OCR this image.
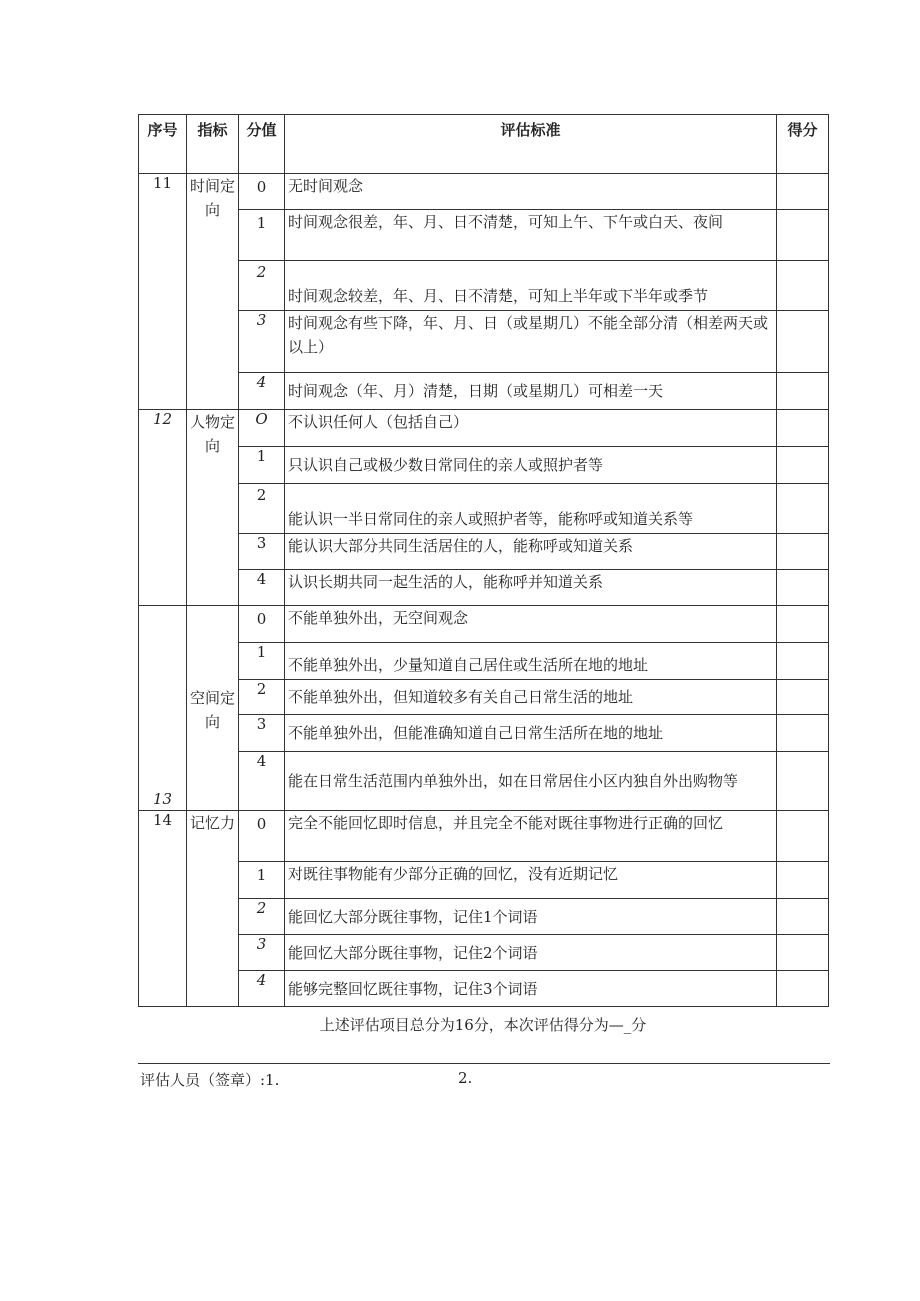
序号	指标	分值	评估标准	得分
11	时间定向	0	无时间观念	
		1	时间观念很差，年、月、日不清楚，可知上午、下午或白天、夜间	
		2	时间观念较差，年、月、日不清楚，可知上半年或下半年或季节	
		3	时间观念有些下降，年、月、日（或星期几）不能全部分清（相差两天或以上）	
		4	时间观念（年、月）清楚，日期（或星期几）可相差一天	
12	人物定向	O	不认识任何人（包括自己）	
		1	只认识自己或极少数日常同住的亲人或照护者等	
		2	能认识一半日常同住的亲人或照护者等，能称呼或知道关系等	
		3	能认识大部分共同生活居住的人，能称呼或知道关系	
		4	认识长期共同一起生活的人，能称呼并知道关系	
13	空间定向	0	不能单独外出，无空间观念	
		1	不能单独外出，少量知道自己居住或生活所在地的地址	
		2	不能单独外出，但知道较多有关自己日常生活的地址	
		3	不能单独外出，但能准确知道自己日常生活所在地的地址	
		4	能在日常生活范围内单独外出，如在日常居住小区内独自外出购物等	
14	记忆力	0	完全不能回忆即时信息，并且完全不能对既往事物进行正确的回忆	
		1	对既往事物能有少部分正确的回忆，没有近期记忆	
		2	能回忆大部分既往事物，记住1个词语	
		3	能回忆大部分既往事物，记住2个词语	
		4	能够完整回忆既往事物，记住3个词语	
上述评估项目总分为16分，本次评估得分为—_分
评估人员（签章）:1.	2.
